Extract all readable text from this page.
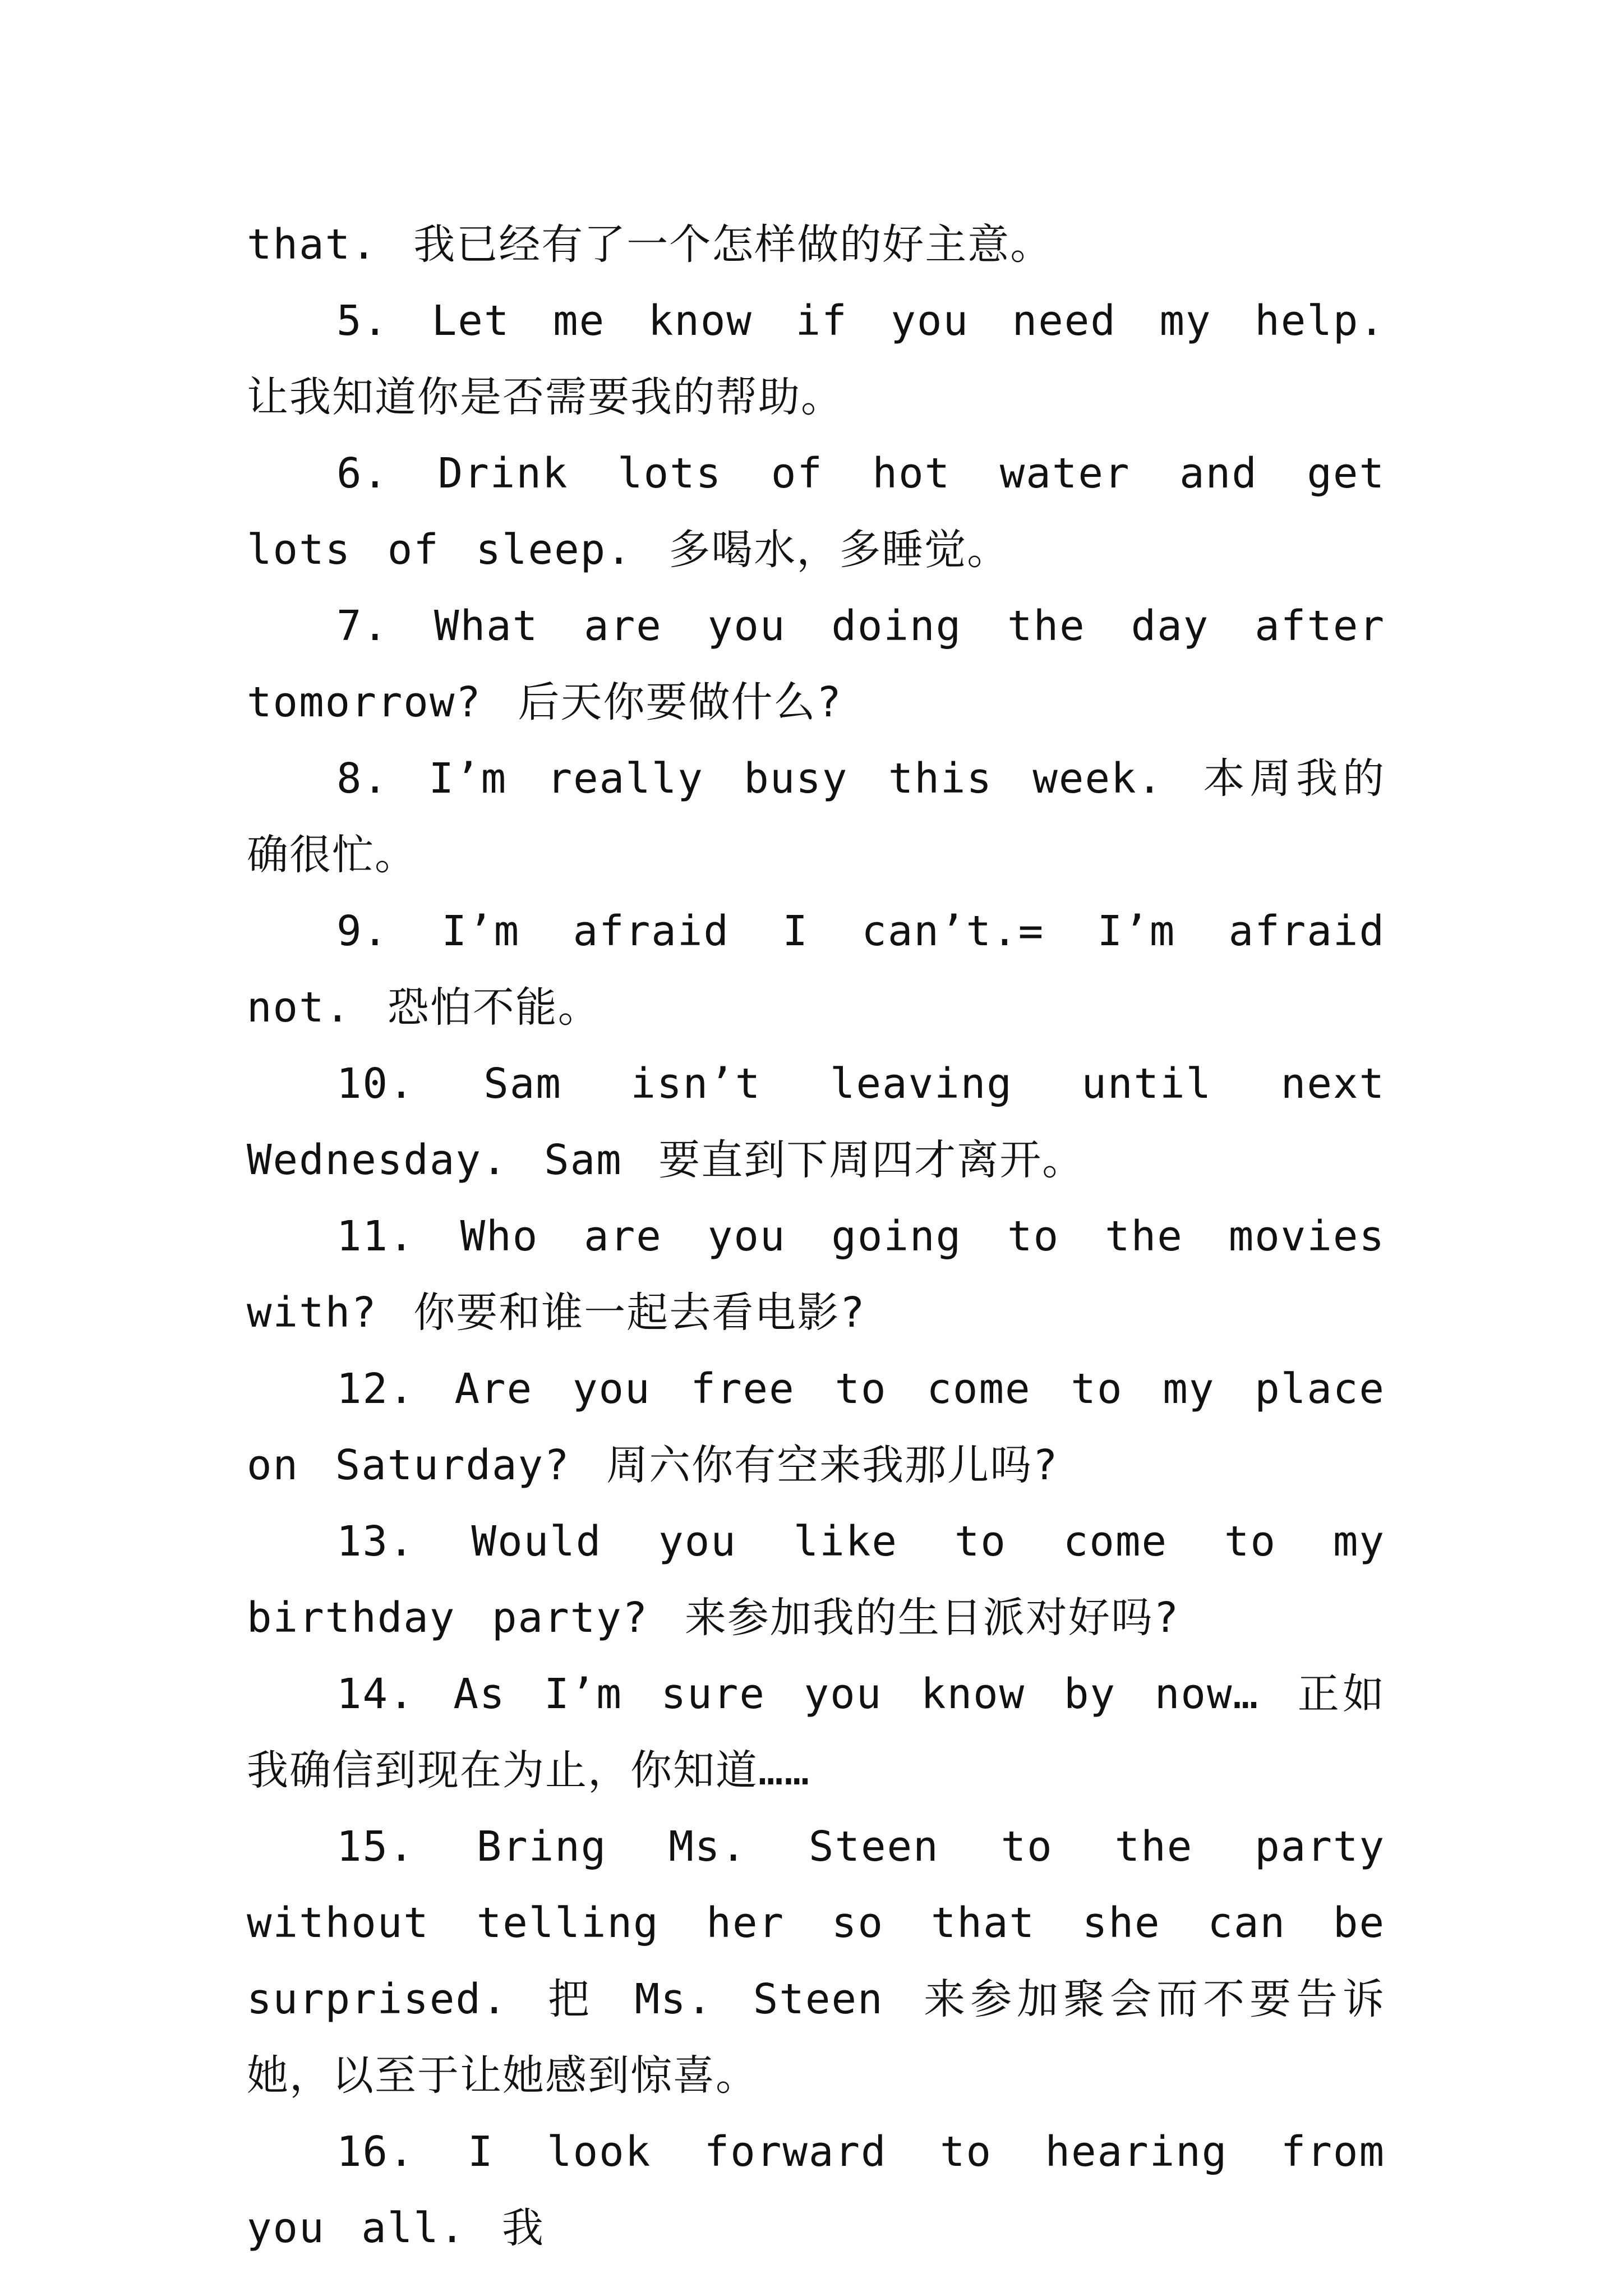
that. 我已经有了一个怎样做的好主意。

5. Let me know if you need my help. 让我知道你是否需要我的帮助。

6. Drink lots of hot water and get lots of sleep. 多喝水，多睡觉。

7. What are you doing the day after tomorrow? 后天你要做什么?

8. I’m really busy this week. 本周我的确很忙。

9. I’m afraid I can’t.= I’m afraid not. 恐怕不能。

10. Sam isn’t leaving until next Wednesday. Sam 要直到下周四才离开。

11. Who are you going to the movies with? 你要和谁一起去看电影?

12. Are you free to come to my place on Saturday? 周六你有空来我那儿吗?

13. Would you like to come to my birthday party? 来参加我的生日派对好吗?

14. As I’m sure you know by now… 正如我确信到现在为止，你知道……

15. Bring Ms. Steen to the party without telling her so that she can be surprised. 把 Ms. Steen 来参加聚会而不要告诉她，以至于让她感到惊喜。

16. I look forward to hearing from you all. 我
